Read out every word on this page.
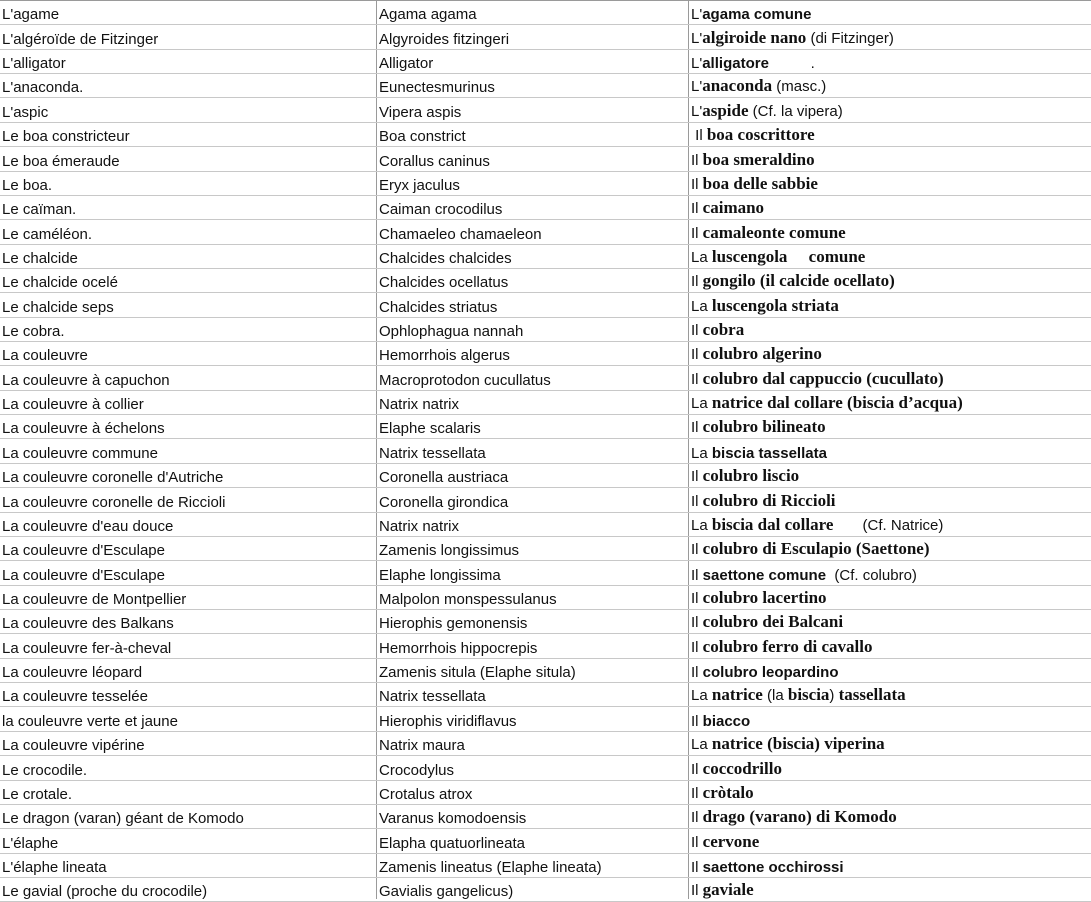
L'agame	Agama agama	L'agama comune
L'algéroïde de Fitzinger	Algyroides fitzingeri	L'algiroide nano (di Fitzinger)
L'alligator	Alligator	L'alligatore          .
L'anaconda.	Eunectesmurinus	L'anaconda (masc.)
L'aspic	Vipera aspis	L'aspide (Cf. la vipera)
Le boa constricteur	Boa constrict	Il boa coscrittore
Le boa émeraude	Corallus caninus	Il boa smeraldino
Le boa.	Eryx jaculus	Il boa delle sabbie
Le caïman.	Caiman crocodilus	Il caimano
Le caméléon.	Chamaeleo chamaeleon	Il camaleonte comune
Le chalcide	Chalcides chalcides	La luscengola     comune
Le chalcide ocelé	Chalcides ocellatus	Il gongilo (il calcide ocellato)
Le chalcide seps	Chalcides striatus	La luscengola striata
Le cobra.	Ophlophagua nannah	Il cobra
La couleuvre	Hemorrhois algerus	Il colubro algerino
La couleuvre à capuchon	Macroprotodon cucullatus	Il colubro dal cappuccio (cucullato)
La couleuvre à collier	Natrix natrix	La natrice dal collare (biscia d’acqua)
La couleuvre à échelons	Elaphe scalaris	Il colubro bilineato
La couleuvre commune	Natrix tessellata	La biscia tassellata
La couleuvre coronelle d'Autriche	Coronella austriaca	Il colubro liscio
La couleuvre coronelle de Riccioli	Coronella girondica	Il colubro di Riccioli
La couleuvre d'eau douce	Natrix natrix	La biscia dal collare       (Cf. Natrice)
La couleuvre d'Esculape	Zamenis longissimus	Il colubro di Esculapio (Saettone)
La couleuvre d'Esculape	Elaphe longissima	Il saettone comune  (Cf. colubro)
La couleuvre de Montpellier	Malpolon monspessulanus	Il colubro lacertino
La couleuvre des Balkans	Hierophis gemonensis	Il colubro dei Balcani
La couleuvre fer-à-cheval	Hemorrhois hippocrepis	Il colubro ferro di cavallo
La couleuvre léopard	Zamenis situla (Elaphe situla)	Il colubro leopardino
La couleuvre tesselée	Natrix tessellata	La natrice (la biscia) tassellata
la couleuvre verte et jaune	Hierophis viridiflavus	Il biacco
La couleuvre vipérine	Natrix maura	La natrice (biscia) viperina
Le crocodile.	Crocodylus	Il coccodrillo
Le crotale.	Crotalus atrox	Il cròtalo
Le dragon (varan) géant de Komodo	Varanus komodoensis	Il drago (varano) di Komodo
L'élaphe	Elapha quatuorlineata	Il cervone
L'élaphe lineata	Zamenis lineatus (Elaphe lineata)	Il saettone occhirossi
Le gavial (proche du crocodile)	Gavialis gangelicus)	Il gaviale
